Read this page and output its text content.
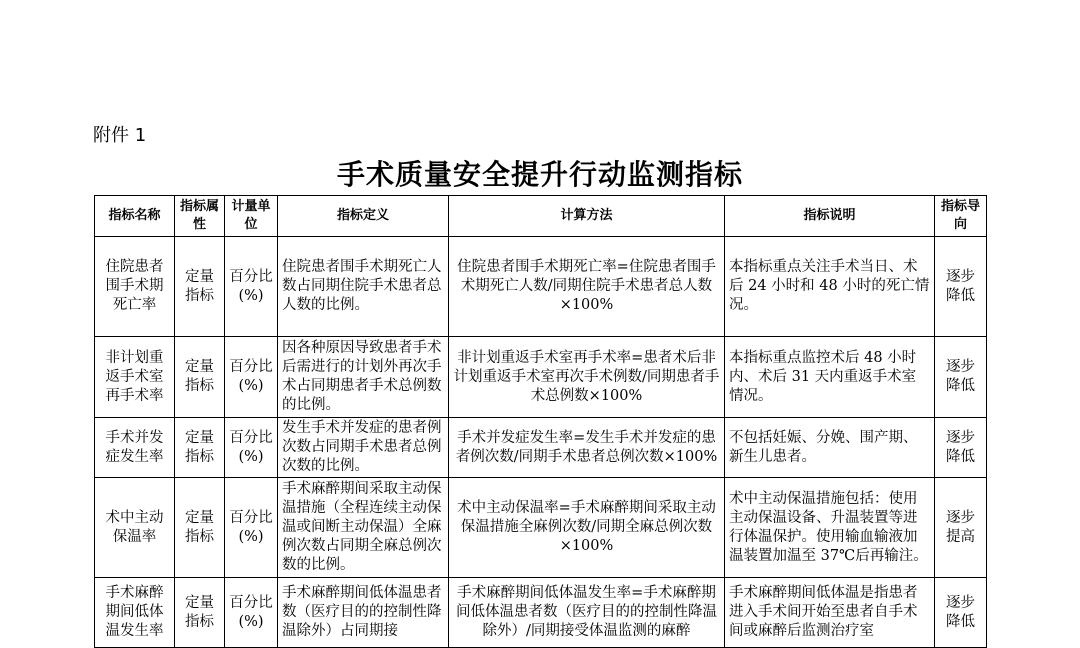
附件 1
手术质量安全提升行动监测指标
指标名称	指标属性	计量单位	指标定义	计算方法	指标说明	指标导向
住院患者围手术期死亡率	定量指标	百分比(%)	住院患者围手术期死亡人数占同期住院手术患者总人数的比例。	住院患者围手术期死亡率=住院患者围手术期死亡人数/同期住院手术患者总人数×100%	本指标重点关注手术当日、术后 24 小时和 48 小时的死亡情况。	逐步降低
非计划重返手术室再手术率	定量指标	百分比(%)	因各种原因导致患者手术后需进行的计划外再次手术占同期患者手术总例数的比例。	非计划重返手术室再手术率=患者术后非计划重返手术室再次手术例数/同期患者手术总例数×100%	本指标重点监控术后 48 小时内、术后 31 天内重返手术室情况。	逐步降低
手术并发症发生率	定量指标	百分比(%)	发生手术并发症的患者例次数占同期手术患者总例次数的比例。	手术并发症发生率=发生手术并发症的患者例次数/同期手术患者总例次数×100%	不包括妊娠、分娩、围产期、新生儿患者。	逐步降低
术中主动保温率	定量指标	百分比(%)	手术麻醉期间采取主动保温措施（全程连续主动保温或间断主动保温）全麻例次数占同期全麻总例次数的比例。	术中主动保温率=手术麻醉期间采取主动保温措施全麻例次数/同期全麻总例次数×100%	术中主动保温措施包括：使用主动保温设备、升温装置等进行体温保护。使用输血输液加温装置加温至 37℃后再输注。	逐步提高
手术麻醉期间低体温发生率	定量指标	百分比(%)	手术麻醉期间低体温患者数（医疗目的的控制性降温除外）占同期接	手术麻醉期间低体温发生率=手术麻醉期间低体温患者数（医疗目的的控制性降温除外）/同期接受体温监测的麻醉	手术麻醉期间低体温是指患者进入手术间开始至患者自手术间或麻醉后监测治疗室	逐步降低
